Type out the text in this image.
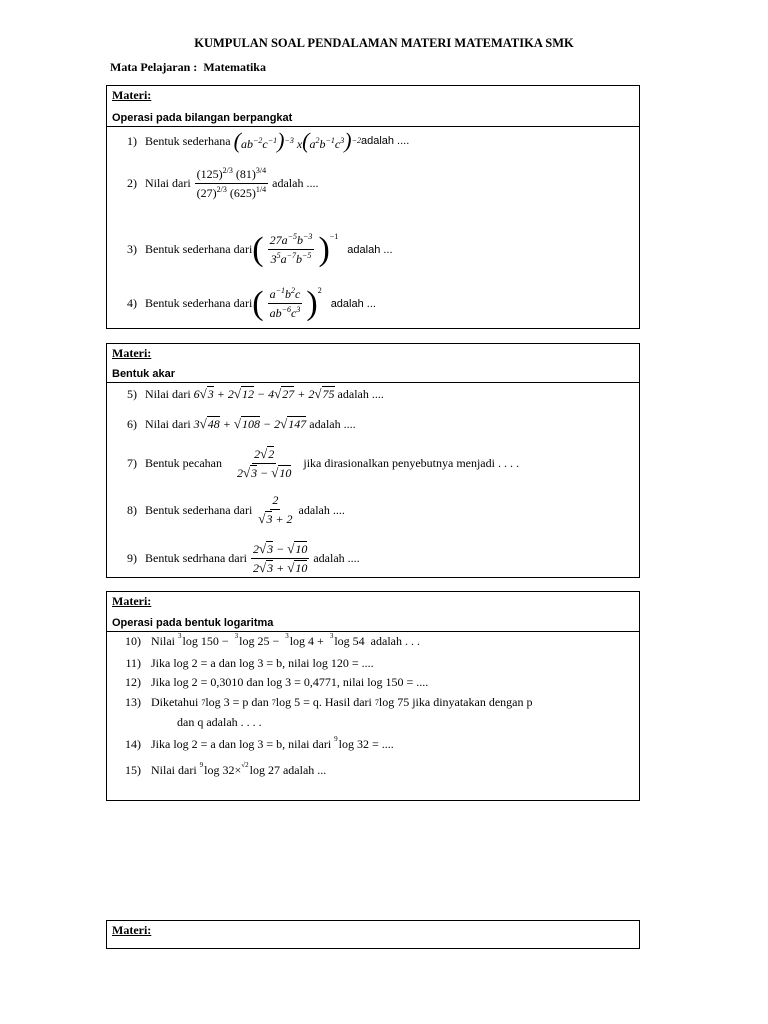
KUMPULAN SOAL PENDALAMAN MATERI MATEMATIKA SMK
Mata Pelajaran : Matematika
Materi:
Operasi pada bilangan berpangkat
1) Bentuk sederhana
$(ab^{-2}c^{-1})^{-3}$ $x(a^2b^{-1}c^3)^{-2}$ adalah ....
2) Nilai dari $\frac{(125)^{2/3} (81)^{3/4}}{(27)^{2/3} (625)^{1/4}}$ adalah ....
3) Bentuk sederhana dari ( $\frac{27a^{-5}b^{-3}}{3^5a^{-7}b^{-5}} )^{-1}$

adalah ...
4) Bentuk sederhana dari ( $\frac{a^{-1}b^2c}{ab^{-6}c^3} )^2$

adalah ...
Materi:
Bentuk akar
5) Nilai dari
6√3 + 2√12 − 4√27 + 2√75
adalah ....
6) Nilai dari
3√48 + √108 − 2√147
adalah ....
7) Bentuk pecahan
$\frac{2√2}{2√3 - √10}$
jika dirasionalkan penyebutnya menjadi . . . .
8) Bentuk sederhana dari $\frac{2}{√3 + 2}$ adalah ....
9) Bentuk sedrhana dari $\frac{2√3 - √10}{2√3 + √10}$ adalah ....
Materi:
Operasi pada bentuk logaritma
10) Nilai
$^3$log 150 −  $^3$log 25 −  $^3$log 4 +  $^3$log 54
adalah . . .
11) Jika log 2 = a dan log 3 = b, nilai log 120 = ....
12) Jika log 2 = 0,3010 dan log 3 = 0,4771, nilai log 150 = ....
13) Diketahui
7 log 3 = p dan
7 log 5 = q. Hasil dari
7 log 75 jika dinyatakan dengan p
dan q adalah . . . .
14) Jika log 2 = a dan log 3 = b, nilai dari
$^9$log 32
= ....
15) Nilai dari
$^9$log 32×$^{√2}$log 27
adalah ...
Materi:
